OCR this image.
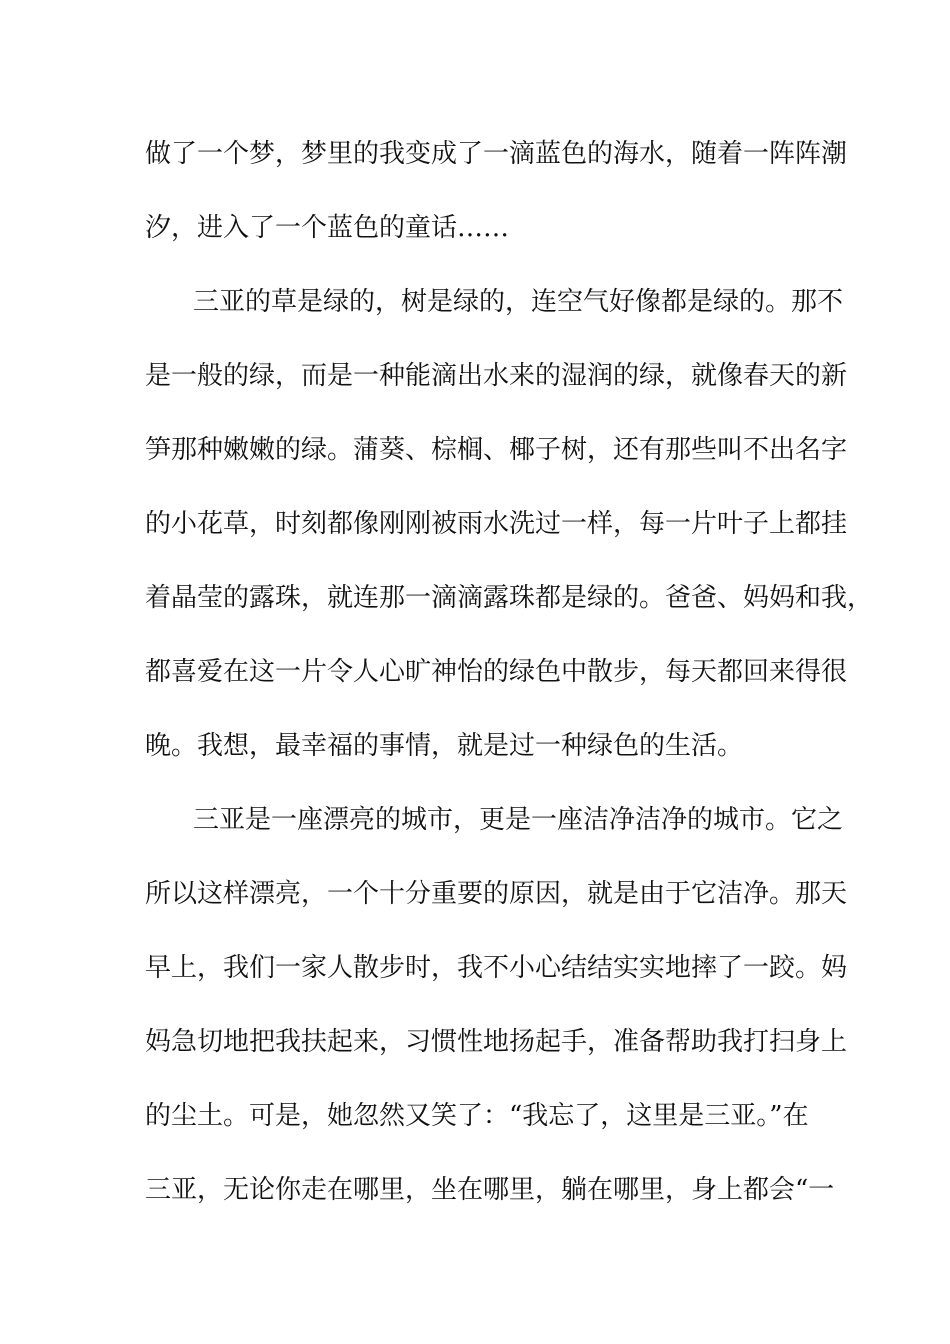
做了一个梦，梦里的我变成了一滴蓝色的海水，随着一阵阵潮
汐，进入了一个蓝色的童话……
三亚的草是绿的，树是绿的，连空气好像都是绿的。那不
是一般的绿，而是一种能滴出水来的湿润的绿，就像春天的新
笋那种嫩嫩的绿。蒲葵、棕榈、椰子树，还有那些叫不出名字
的小花草，时刻都像刚刚被雨水洗过一样，每一片叶子上都挂
着晶莹的露珠，就连那一滴滴露珠都是绿的。爸爸、妈妈和我，
都喜爱在这一片令人心旷神怡的绿色中散步，每天都回来得很
晚。我想，最幸福的事情，就是过一种绿色的生活。
三亚是一座漂亮的城市，更是一座洁净洁净的城市。它之
所以这样漂亮，一个十分重要的原因，就是由于它洁净。那天
早上，我们一家人散步时，我不小心结结实实地摔了一跤。妈
妈急切地把我扶起来，习惯性地扬起手，准备帮助我打扫身上
的尘土。可是，她忽然又笑了：“我忘了，这里是三亚。”在
三亚，无论你走在哪里，坐在哪里，躺在哪里，身上都会“一
